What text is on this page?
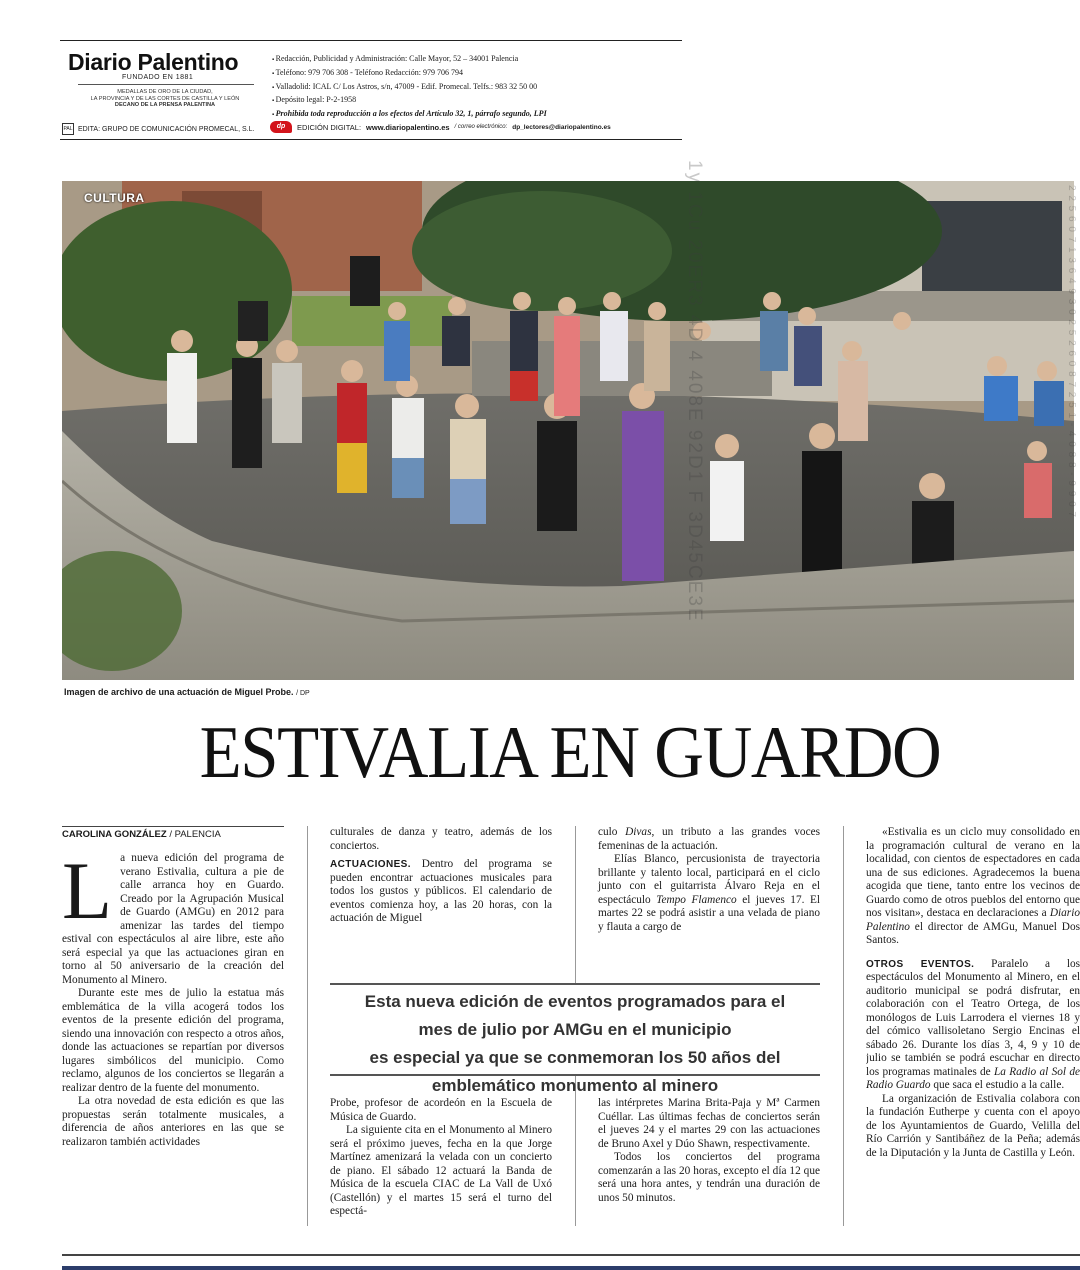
Diario Palentino
FUNDADO EN 1881
MEDALLAS DE ORO DE LA CIUDAD,
LA PROVINCIA Y DE LAS CORTES DE CASTILLA Y LEÓN
DECANO DE LA PRENSA PALENTINA
PAL EDITA: GRUPO DE COMUNICACIÓN PROMECAL, S.L.
▪ Redacción, Publicidad y Administración: Calle Mayor, 52 – 34001 Palencia
▪ Teléfono: 979 706 308 - Teléfono Redacción: 979 706 794
▪ Valladolid: ICAL C/ Los Astros, s/n, 47009 - Edif. Promecal. Telfs.: 983 32 50 00
▪ Depósito legal: P-2-1958
▪ Prohibida toda reproducción a los efectos del Artículo 32, 1, párrafo segundo, LPI
dp	EDICIÓN DIGITAL: www.diariopalentino.es / correo electrónico: dp_lectores@diariopalentino.es
CULTURA
Imagen de archivo de una actuación de Miguel Probe. / DP
ESTIVALIA EN GUARDO
CAROLINA GONZÁLEZ / PALENCIA

La nueva edición del programa de verano Estivalia, cultura a pie de calle arranca hoy en Guardo. Creado por la Agrupación Musical de Guardo (AMGu) en 2012 para amenizar las tardes del tiempo estival con espectáculos al aire libre, este año será especial ya que las actuaciones giran en torno al 50 aniversario de la creación del Monumento al Minero.

Durante este mes de julio la estatua más emblemática de la villa acogerá todos los eventos de la presente edición del programa, siendo una innovación con respecto a otros años, donde las actuaciones se repartían por diversos lugares simbólicos del municipio. Como reclamo, algunos de los conciertos se llegarán a realizar dentro de la fuente del monumento.

La otra novedad de esta edición es que las propuestas serán totalmente musicales, a diferencia de años anteriores en las que se realizaron también actividades

culturales de danza y teatro, además de los conciertos.

ACTUACIONES. Dentro del programa se pueden encontrar actuaciones musicales para todos los gustos y públicos. El calendario de eventos comienza hoy, a las 20 horas, con la actuación de Miguel

culo Divas, un tributo a las grandes voces femeninas de la actuación.

Elías Blanco, percusionista de trayectoria brillante y talento local, participará en el ciclo junto con el guitarrista Álvaro Reja en el espectáculo Tempo Flamenco el jueves 17. El martes 22 se podrá asistir a una velada de piano y flauta a cargo de

Esta nueva edición de eventos programados para el
mes de julio por AMGu en el municipio
es especial ya que se conmemoran los 50 años del
emblemático monumento al minero

Probe, profesor de acordeón en la Escuela de Música de Guardo.

La siguiente cita en el Monumento al Minero será el próximo jueves, fecha en la que Jorge Martínez amenizará la velada con un concierto de piano. El sábado 12 actuará la Banda de Música de la escuela CIAC de La Vall de Uxó (Castellón) y el martes 15 será el turno del espectá-

las intérpretes Marina Brita-Paja y Mª Carmen Cuéllar. Las últimas fechas de conciertos serán el jueves 24 y el martes 29 con las actuaciones de Bruno Axel y Dúo Shawn, respectivamente.

Todos los conciertos del programa comenzarán a las 20 horas, excepto el día 12 que será una hora antes, y tendrán una duración de unos 50 minutos.

«Estivalia es un ciclo muy consolidado en la programación cultural de verano en la localidad, con cientos de espectadores en cada una de sus ediciones. Agradecemos la buena acogida que tiene, tanto entre los vecinos de Guardo como de otros pueblos del entorno que nos visitan», destaca en declaraciones a Diario Palentino el director de AMGu, Manuel Dos Santos.

OTROS EVENTOS. Paralelo a los espectáculos del Monumento al Minero, en el auditorio municipal se podrá disfrutar, en colaboración con el Teatro Ortega, de los monólogos de Luis Larrodera el viernes 18 y del cómico vallisoletano Sergio Encinas el sábado 26. Durante los días 3, 4, 9 y 10 de julio se también se podrá escuchar en directo los programas matinales de La Radio al Sol de Radio Guardo que saca el estudio a la calle.

La organización de Estivalia colabora con la fundación Eutherpe y cuenta con el apoyo de los Ayuntamientos de Guardo, Velilla del Río Carrión y Santibáñez de la Peña; además de la Diputación y la Junta de Castilla y León.

1y 1Cu 20ER3 4D 4 408E 92D1 F 3D45CE3E	2 2 5 6 0 7 1 3 6 4 9 3 0 2 5 2 6 0 8 7 2 5 1 - 4 0 8 8 - 9 9 0 7
